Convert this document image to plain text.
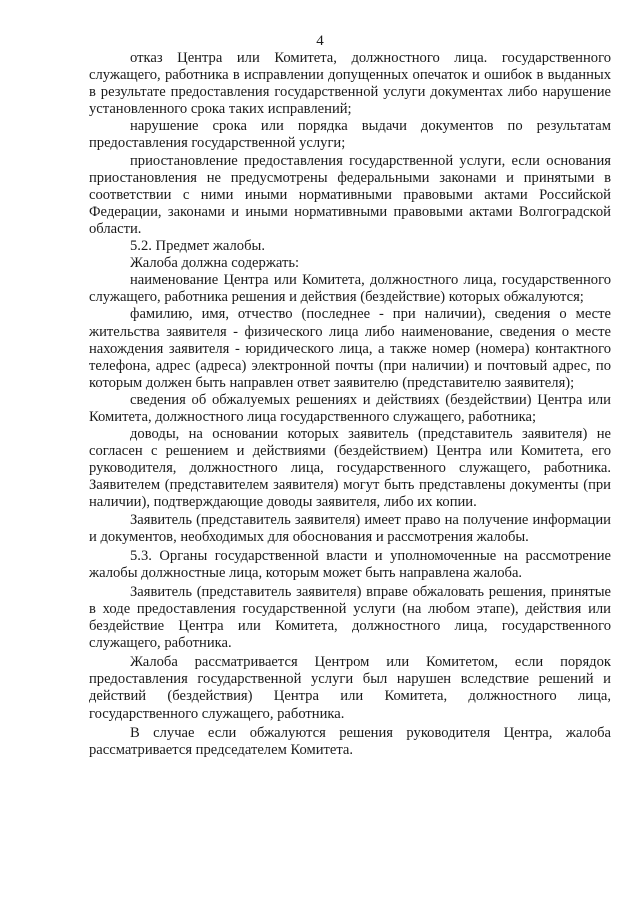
4

отказ Центра или Комитета, должностного лица. государственного служащего, работника в исправлении допущенных опечаток и ошибок в выданных в результате предоставления государственной услуги документах либо нарушение установленного срока таких исправлений;

нарушение срока или порядка выдачи документов по результатам предоставления государственной услуги;

приостановление предоставления государственной услуги, если основания приостановления не предусмотрены федеральными законами и принятыми в соответствии с ними иными нормативными правовыми актами Российской Федерации, законами и иными нормативными правовыми актами Волгоградской области.

5.2. Предмет жалобы.

Жалоба должна содержать:

наименование Центра или Комитета, должностного лица, государственного служащего, работника решения и действия (бездействие) которых обжалуются;

фамилию, имя, отчество (последнее - при наличии), сведения о месте жительства заявителя - физического лица либо наименование, сведения о месте нахождения заявителя - юридического лица, а также номер (номера) контактного телефона, адрес (адреса) электронной почты (при наличии) и почтовый адрес, по которым должен быть направлен ответ заявителю (представителю заявителя);

сведения об обжалуемых решениях и действиях (бездействии) Центра или Комитета, должностного лица государственного служащего, работника;

доводы, на основании которых заявитель (представитель заявителя) не согласен с решением и действиями (бездействием) Центра или Комитета, его руководителя, должностного лица, государственного служащего, работника. Заявителем (представителем заявителя) могут быть представлены документы (при наличии), подтверждающие доводы заявителя, либо их копии.

Заявитель (представитель заявителя) имеет право на получение информации и документов, необходимых для обоснования и рассмотрения жалобы.

5.3. Органы государственной власти и уполномоченные на рассмотрение жалобы должностные лица, которым может быть направлена жалоба.

Заявитель (представитель заявителя) вправе обжаловать решения, принятые в ходе предоставления государственной услуги (на любом этапе), действия или бездействие Центра или Комитета, должностного лица, государственного служащего, работника.

Жалоба рассматривается Центром или Комитетом, если порядок предоставления государственной услуги был нарушен вследствие решений и действий (бездействия) Центра или Комитета, должностного лица, государственного служащего, работника.

В случае если обжалуются решения руководителя Центра, жалоба рассматривается председателем Комитета.
